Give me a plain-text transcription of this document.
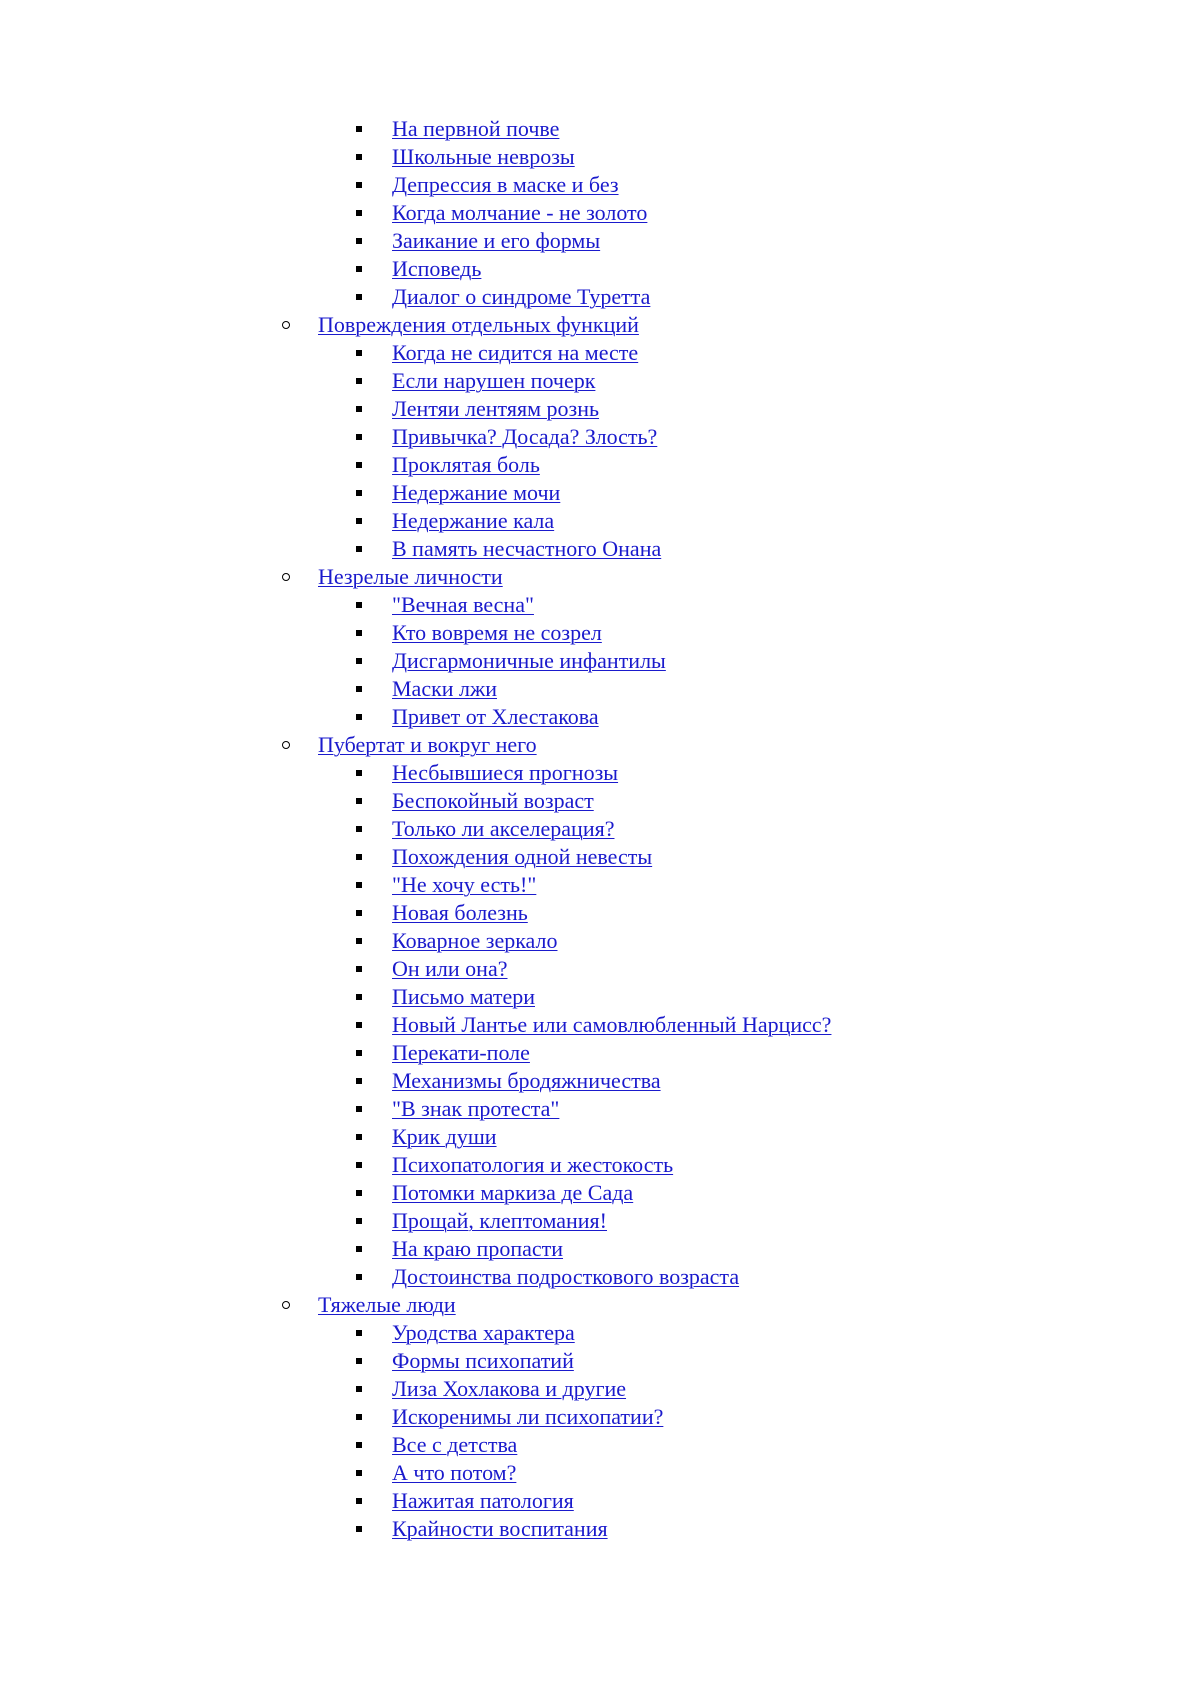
На первной почве
Школьные неврозы
Депрессия в маске и без
Когда молчание - не золото
Заикание и его формы
Исповедь
Диалог о синдроме Туретта
Повреждения отдельных функций
Когда не сидится на месте
Если нарушен почерк
Лентяи лентяям рознь
Привычка? Досада? Злость?
Проклятая боль
Недержание мочи
Недержание кала
В память несчастного Онана
Незрелые личности
"Вечная весна"
Кто вовремя не созрел
Дисгармоничные инфантилы
Маски лжи
Привет от Хлестакова
Пубертат и вокруг него
Несбывшиеся прогнозы
Беспокойный возраст
Только ли акселерация?
Похождения одной невесты
"Не хочу есть!"
Новая болезнь
Коварное зеркало
Он или она?
Письмо матери
Новый Лантье или самовлюбленный Нарцисс?
Перекати-поле
Механизмы бродяжничества
"В знак протеста"
Крик души
Психопатология и жестокость
Потомки маркиза де Сада
Прощай, клептомания!
На краю пропасти
Достоинства подросткового возраста
Тяжелые люди
Уродства характера
Формы психопатий
Лиза Хохлакова и другие
Искоренимы ли психопатии?
Все с детства
А что потом?
Нажитая патология
Крайности воспитания
